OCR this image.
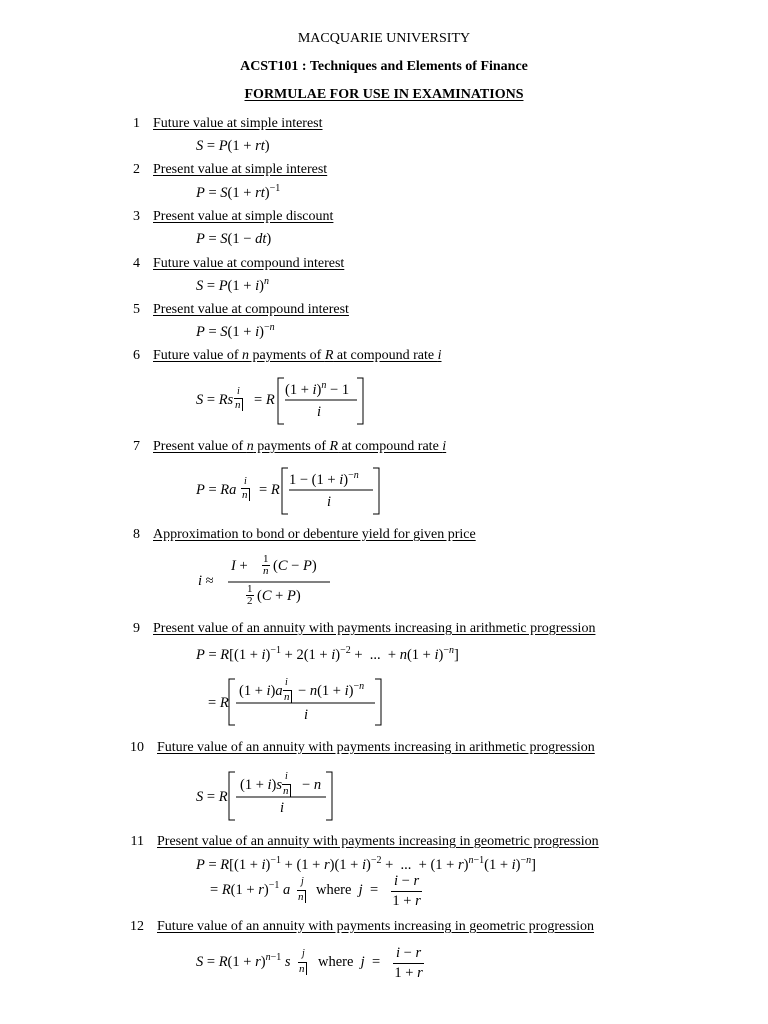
MACQUARIE UNIVERSITY
ACST101 : Techniques and Elements of Finance
FORMULAE FOR USE IN EXAMINATIONS
1 Future value at simple interest
S = P(1 + rt)
2 Present value at simple interest
P = S(1 + rt)$^{-1}$
3 Present value at simple discount
P = S(1 − dt)
4 Future value at compound interest
$S = P(1 + i)^n$
5 Present value at compound interest
$P = S(1 + i)^{-n}$
6 Future value of n payments of R at compound rate i
S = Rs
i
n = R
$(1 + i)^n - 1$
i
7 Present value of n payments of R at compound rate i
P = Ra
i
n = R
$1 - (1 + i)^{-n}$
i
8 Approximation to bond or debenture yield for given price
i ≈
I + 1
n (C − P)
1
2 (C + P)
9 Present value of an annuity with payments increasing in arithmetic progression
$P = R[(1 + i)^{-1} + 2(1 + i)^{-2}$ +  ...  + $n(1 + i)^{-n}$]
= R
(1 + i)a
i
$n - n(1 + i)^{-n}$
i
10 Future value of an annuity with payments increasing in arithmetic progression
S = R
(1 + i)s
i
n − n
i
11 Present value of an annuity with payments increasing in geometric progression
$P = R[(1 + i)^{-1} + (1 + r)(1 + i)^{-2}$ +  ...  + $(1 + r)^{n-1}(1 + i)^{-n}$]
= $R(1 + r)^{-1}$ a
j
n where j  =
i − r
1 + r
12 Future value of an annuity with payments increasing in geometric progression
$S = R(1 + r)^{n-1}$ s
j
n where j  =
i − r
1 + r
